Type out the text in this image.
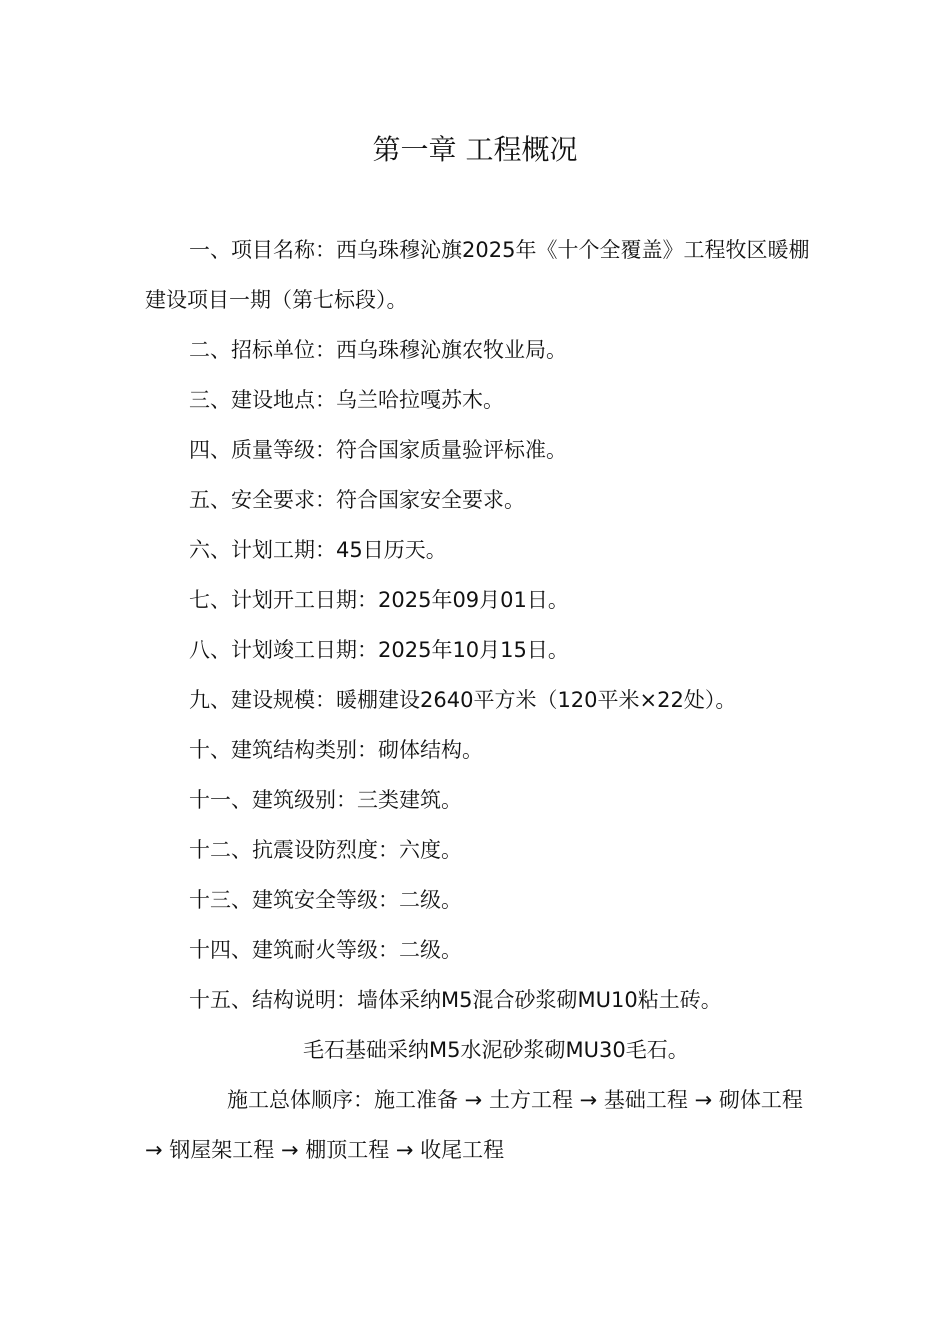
第一章 工程概况

一、项目名称：西乌珠穆沁旗2025年《十个全覆盖》工程牧区暖棚建设项目一期（第七标段）。

二、招标单位：西乌珠穆沁旗农牧业局。

三、建设地点：乌兰哈拉嘎苏木。

四、质量等级：符合国家质量验评标准。

五、安全要求：符合国家安全要求。

六、计划工期：45日历天。

七、计划开工日期：2025年09月01日。

八、计划竣工日期：2025年10月15日。

九、建设规模：暖棚建设2640平方米（120平米×22处）。

十、建筑结构类别：砌体结构。

十一、建筑级别：三类建筑。

十二、抗震设防烈度：六度。

十三、建筑安全等级：二级。

十四、建筑耐火等级：二级。

十五、结构说明：墙体采纳M5混合砂浆砌MU10粘土砖。

毛石基础采纳M5水泥砂浆砌MU30毛石。

施工总体顺序：施工准备 → 土方工程 → 基础工程 → 砌体工程 → 钢屋架工程 → 棚顶工程 → 收尾工程
